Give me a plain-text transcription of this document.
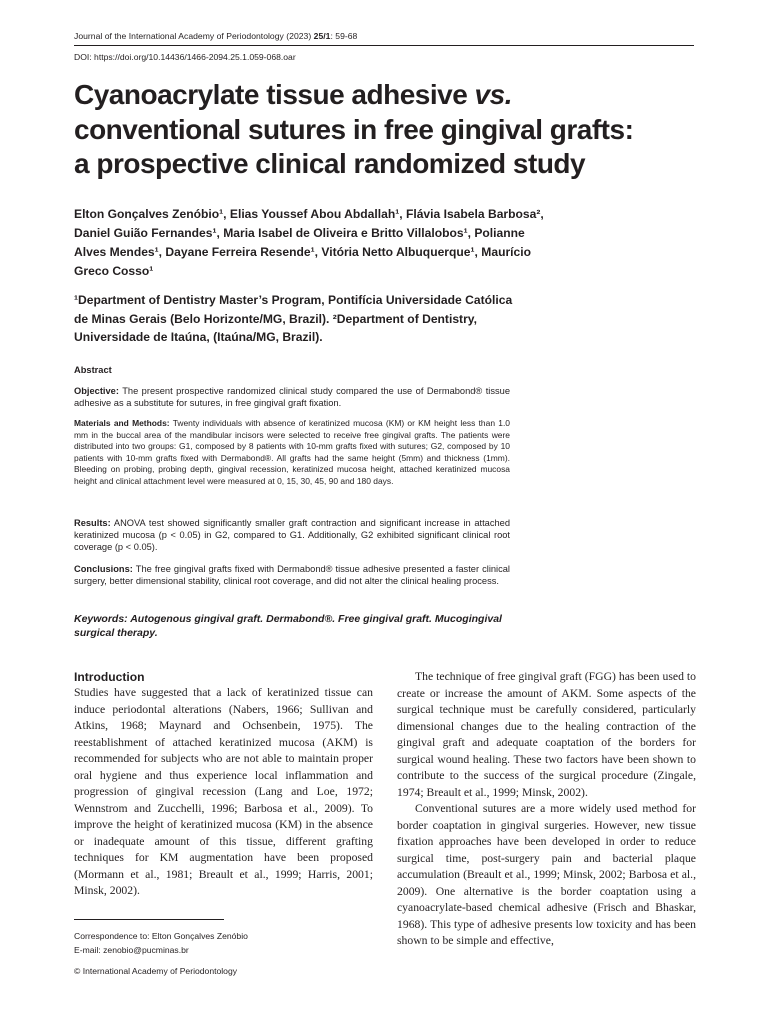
Journal of the International Academy of Periodontology (2023) 25/1: 59-68
DOI: https://doi.org/10.14436/1466-2094.25.1.059-068.oar
Cyanoacrylate tissue adhesive vs.
conventional sutures in free gingival grafts:
a prospective clinical randomized study
Elton Gonçalves Zenóbio¹, Elias Youssef Abou Abdallah¹, Flávia Isabela Barbosa², Daniel Guião Fernandes¹, Maria Isabel de Oliveira e Britto Villalobos¹, Polianne Alves Mendes¹, Dayane Ferreira Resende¹, Vitória Netto Albuquerque¹, Maurício Greco Cosso¹
¹Department of Dentistry Master’s Program, Pontifícia Universidade Católica de Minas Gerais (Belo Horizonte/MG, Brazil). ²Department of Dentistry, Universidade de Itaúna, (Itaúna/MG, Brazil).
Abstract

Objective: The present prospective randomized clinical study compared the use of Dermabond® tissue adhesive as a substitute for sutures, in free gingival graft fixation.

Materials and Methods: Twenty individuals with absence of keratinized mucosa (KM) or KM height less than 1.0 mm in the buccal area of the mandibular incisors were selected to receive free gingival grafts. The patients were distributed into two groups: G1, composed by 8 patients with 10-mm grafts fixed with sutures; G2, composed by 10 patients with 10-mm grafts fixed with Dermabond®. All grafts had the same height (5mm) and thickness (1mm). Bleeding on probing, probing depth, gingival recession, keratinized mucosa height, attached keratinized mucosa height and clinical attachment level were measured at 0, 15, 30, 45, 90 and 180 days.

Results: ANOVA test showed significantly smaller graft contraction and significant increase in attached keratinized mucosa (p < 0.05) in G2, compared to G1. Additionally, G2 exhibited significant clinical root coverage (p < 0.05).

Conclusions: The free gingival grafts fixed with Dermabond® tissue adhesive presented a faster clinical surgery, better dimensional stability, clinical root coverage, and did not alter the clinical healing process.

Keywords: Autogenous gingival graft. Dermabond®. Free gingival graft. Mucogingival surgical therapy.
Introduction

Studies have suggested that a lack of keratinized tissue can induce periodontal alterations (Nabers, 1966; Sullivan and Atkins, 1968; Maynard and Ochsenbein, 1975). The reestablishment of attached keratinized mucosa (AKM) is recommended for subjects who are not able to maintain proper oral hygiene and thus experience local inflammation and progression of gingival recession (Lang and Loe, 1972; Wennstrom and Zucchelli, 1996; Barbosa et al., 2009). To improve the height of keratinized mucosa (KM) in the absence or inadequate amount of this tissue, different grafting techniques for KM augmentation have been proposed (Mormann et al., 1981; Breault et al., 1999; Harris, 2001; Minsk, 2002).

The technique of free gingival graft (FGG) has been used to create or increase the amount of AKM. Some aspects of the surgical technique must be carefully considered, particularly dimensional changes due to the healing contraction of the gingival graft and adequate coaptation of the borders for surgical wound healing. These two factors have been shown to contribute to the success of the surgical procedure (Zingale, 1974; Breault et al., 1999; Minsk, 2002).

Conventional sutures are a more widely used method for border coaptation in gingival surgeries. However, new tissue fixation approaches have been developed in order to reduce surgical time, post-surgery pain and bacterial plaque accumulation (Breault et al., 1999; Minsk, 2002; Barbosa et al., 2009). One alternative is the border coaptation using a cyanoacrylate-based chemical adhesive (Frisch and Bhaskar, 1968). This type of adhesive presents low toxicity and has been shown to be simple and effective,

Correspondence to: Elton Gonçalves Zenóbio
E-mail: zenobio@pucminas.br
© International Academy of Periodontology
